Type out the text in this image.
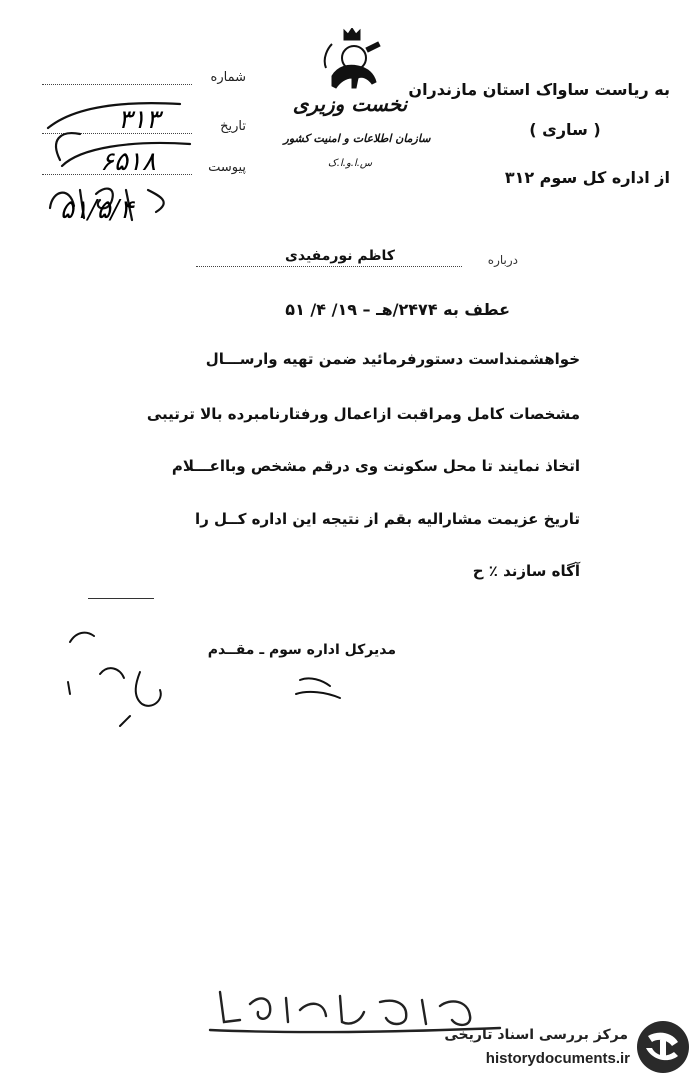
شماره
تاریخ
پیوست
۳۱۳
۶۵۱۸
۵۱/۵/۴
نخست وزیری
سازمان اطلاعات و امنیت کشور
س.ا.و.ا.ک
به ریاست ساواک استان مازندران
( ساری )
از اداره کل سوم ۳۱۲
درباره
کاظم نورمفیدی
عطف به ۲۴۷۴/هـ – ۱۹/ ۴/ ۵۱
خواهشمنداست دستورفرمائید ضمن تهیه وارســـال
مشخصات کامل ومراقبت ازاعمال ورفتارنامبرده بالا ترتیبی
اتخاذ نمایند تا محل سکونت وی درقم مشخص وبااعـــلام
تاریخ عزیمت مشارالیه بقم از نتیجه این اداره کــل را
آگاه سازند ٪ ح
مدیرکل اداره سوم ـ مقــدم
مرکز بررسی اسناد تاریخی
historydocuments.ir
